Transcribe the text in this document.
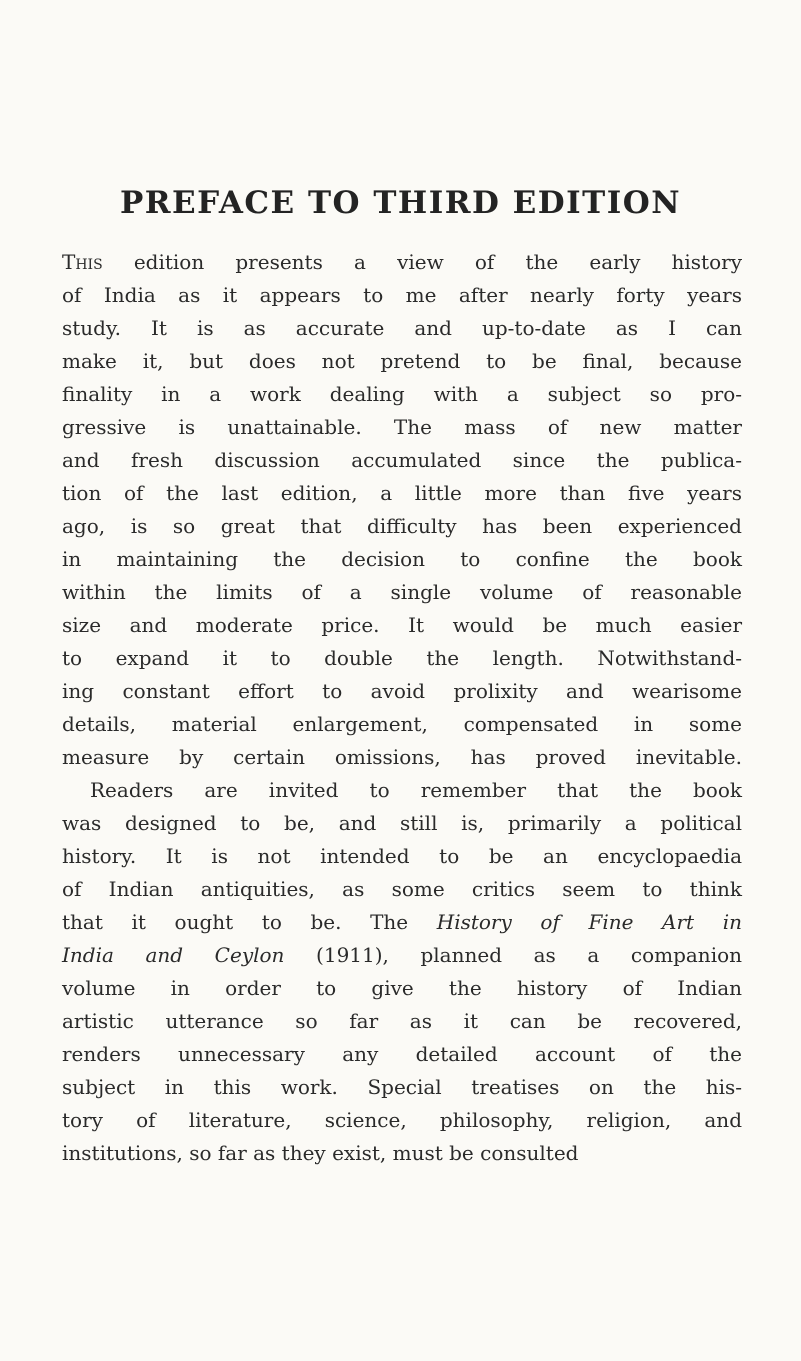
PREFACE TO THIRD EDITION
This edition presents a view of the early history
of India as it appears to me after nearly forty years
study. It is as accurate and up-to-date as I can
make it, but does not pretend to be final, because
finality in a work dealing with a subject so pro-
gressive is unattainable. The mass of new matter
and fresh discussion accumulated since the publica-
tion of the last edition, a little more than five years
ago, is so great that difficulty has been experienced
in maintaining the decision to confine the book
within the limits of a single volume of reasonable
size and moderate price. It would be much easier
to expand it to double the length. Notwithstand-
ing constant effort to avoid prolixity and wearisome
details, material enlargement, compensated in some
measure by certain omissions, has proved inevitable.
Readers are invited to remember that the book
was designed to be, and still is, primarily a political
history. It is not intended to be an encyclopaedia
of Indian antiquities, as some critics seem to think
that it ought to be. The History of Fine Art in
India and Ceylon (1911), planned as a companion
volume in order to give the history of Indian
artistic utterance so far as it can be recovered,
renders unnecessary any detailed account of the
subject in this work. Special treatises on the his-
tory of literature, science, philosophy, religion, and
institutions, so far as they exist, must be consulted
